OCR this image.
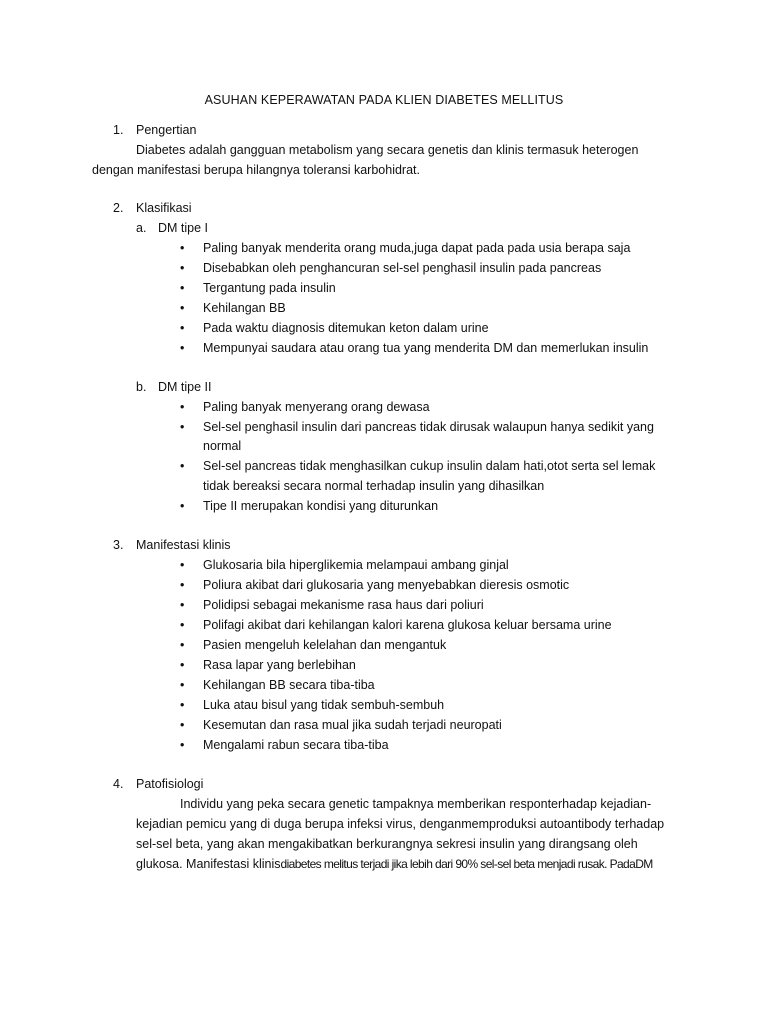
ASUHAN KEPERAWATAN PADA KLIEN DIABETES MELLITUS
1. Pengertian
Diabetes adalah gangguan metabolism yang secara genetis dan klinis termasuk heterogen
dengan manifestasi berupa hilangnya toleransi karbohidrat.
2. Klasifikasi
a. DM tipe I
• Paling banyak menderita orang muda,juga dapat pada pada usia berapa saja
• Disebabkan oleh penghancuran sel-sel penghasil insulin pada pancreas
• Tergantung pada insulin
• Kehilangan BB
• Pada waktu diagnosis ditemukan keton dalam urine
• Mempunyai saudara atau orang tua yang menderita DM dan memerlukan insulin
b. DM tipe II
• Paling banyak menyerang orang dewasa
• Sel-sel penghasil insulin dari pancreas tidak dirusak walaupun hanya sedikit yang
normal
• Sel-sel pancreas tidak menghasilkan cukup insulin dalam hati,otot serta sel lemak
tidak bereaksi secara normal terhadap insulin yang dihasilkan
• Tipe II merupakan kondisi yang diturunkan
3. Manifestasi klinis
• Glukosaria bila hiperglikemia melampaui ambang ginjal
• Poliura akibat dari glukosaria yang menyebabkan dieresis osmotic
• Polidipsi sebagai mekanisme rasa haus dari poliuri
• Polifagi akibat dari kehilangan kalori karena glukosa keluar bersama urine
• Pasien mengeluh kelelahan dan mengantuk
• Rasa lapar yang berlebihan
• Kehilangan BB secara tiba-tiba
• Luka atau bisul yang tidak sembuh-sembuh
• Kesemutan dan rasa mual jika sudah terjadi neuropati
• Mengalami rabun secara tiba-tiba
4. Patofisiologi
Individu yang peka secara genetic tampaknya memberikan responterhadap kejadian-
kejadian pemicu yang di duga berupa infeksi virus, denganmemproduksi autoantibody terhadap
sel-sel beta, yang akan mengakibatkan berkurangnya sekresi insulin yang dirangsang oleh
glukosa. Manifestasi klinisdiabetes melitus terjadi jika lebih dari 90% sel-sel beta menjadi rusak. PadaDM
